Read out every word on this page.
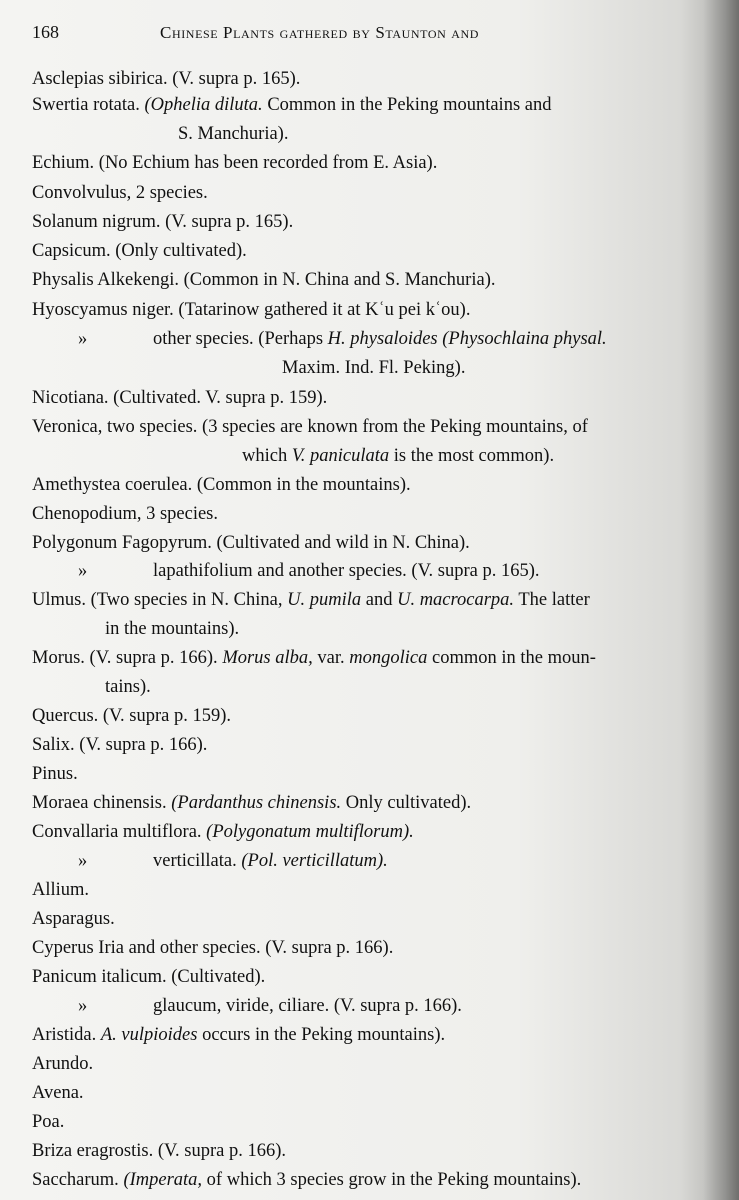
168	Chinese Plants gathered by Staunton and
Asclepias sibirica. (V. supra p. 165).
Swertia rotata. (Ophelia diluta. Common in the Peking mountains and
S. Manchuria).
Echium. (No Echium has been recorded from E. Asia).
Convolvulus, 2 species.
Solanum nigrum. (V. supra p. 165).
Capsicum. (Only cultivated).
Physalis Alkekengi. (Common in N. China and S. Manchuria).
Hyoscyamus niger. (Tatarinow gathered it at Kʿu pei kʿou).
»	other species. (Perhaps H. physaloides (Physochlaina physal.
Maxim. Ind. Fl. Peking).
Nicotiana. (Cultivated. V. supra p. 159).
Veronica, two species. (3 species are known from the Peking mountains, of
which V. paniculata is the most common).
Amethystea coerulea. (Common in the mountains).
Chenopodium, 3 species.
Polygonum Fagopyrum. (Cultivated and wild in N. China).
»	lapathifolium and another species. (V. supra p. 165).
Ulmus. (Two species in N. China, U. pumila and U. macrocarpa. The latter
in the mountains).
Morus. (V. supra p. 166). Morus alba, var. mongolica common in the moun-
tains).
Quercus. (V. supra p. 159).
Salix. (V. supra p. 166).
Pinus.
Moraea chinensis. (Pardanthus chinensis. Only cultivated).
Convallaria multiflora. (Polygonatum multiflorum).
»	verticillata. (Pol. verticillatum).
Allium.
Asparagus.
Cyperus Iria and other species. (V. supra p. 166).
Panicum italicum. (Cultivated).
»	glaucum, viride, ciliare. (V. supra p. 166).
Aristida. A. vulpioides occurs in the Peking mountains).
Arundo.
Avena.
Poa.
Briza eragrostis. (V. supra p. 166).
Saccharum. (Imperata, of which 3 species grow in the Peking mountains).
